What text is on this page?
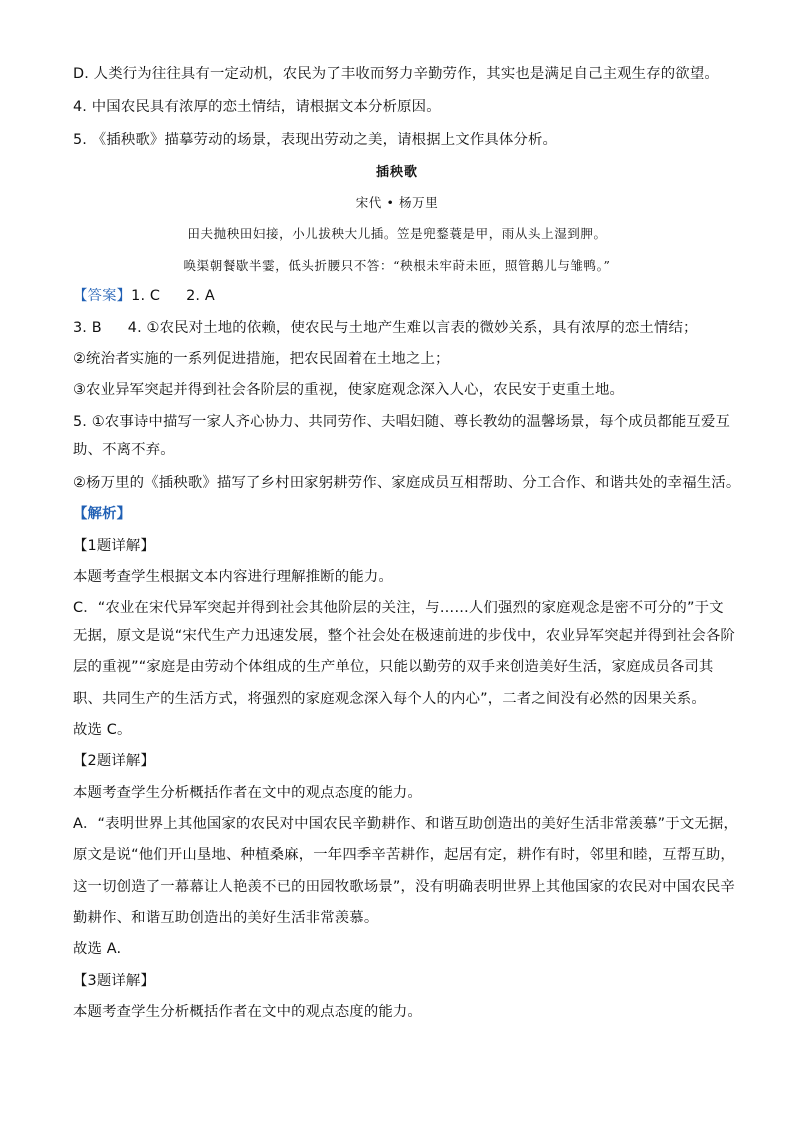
D. 人类行为往往具有一定动机，农民为了丰收而努力辛勤劳作，其实也是满足自己主观生存的欲望。
4. 中国农民具有浓厚的恋土情结，请根据文本分析原因。
5. 《插秧歌》描摹劳动的场景，表现出劳动之美，请根据上文作具体分析。
插秧歌
宋代 • 杨万里
田夫抛秧田妇接，小儿拔秧大儿插。笠是兜鍪蓑是甲，雨从头上湿到胛。
唤渠朝餐歇半霎，低头折腰只不答：“秧根未牢莳未匝，照管鹅儿与雏鸭。”
【答案】1. C 2. A
3. B 4. ①农民对土地的依赖，使农民与土地产生难以言表的微妙关系，具有浓厚的恋土情结；
②统治者实施的一系列促进措施，把农民固着在土地之上；
③农业异军突起并得到社会各阶层的重视，使家庭观念深入人心，农民安于吏重土地。
5. ①农事诗中描写一家人齐心协力、共同劳作、夫唱妇随、尊长教幼的温馨场景，每个成员都能互爱互
助、不离不弃。
②杨万里的《插秧歌》描写了乡村田家躬耕劳作、家庭成员互相帮助、分工合作、和谐共处的幸福生活。
【解析】
【1题详解】
本题考查学生根据文本内容进行理解推断的能力。
C．“农业在宋代异军突起并得到社会其他阶层的关注，与……人们强烈的家庭观念是密不可分的”于文
无据，原文是说“宋代生产力迅速发展，整个社会处在极速前进的步伐中，农业异军突起并得到社会各阶
层的重视”“家庭是由劳动个体组成的生产单位，只能以勤劳的双手来创造美好生活，家庭成员各司其
职、共同生产的生活方式，将强烈的家庭观念深入每个人的内心”，二者之间没有必然的因果关系。
故选 C。
【2题详解】
本题考查学生分析概括作者在文中的观点态度的能力。
A．“表明世界上其他国家的农民对中国农民辛勤耕作、和谐互助创造出的美好生活非常羡慕”于文无据，
原文是说“他们开山垦地、种植桑麻，一年四季辛苦耕作，起居有定，耕作有时，邻里和睦，互帮互助，
这一切创造了一幕幕让人艳羡不已的田园牧歌场景”，没有明确表明世界上其他国家的农民对中国农民辛
勤耕作、和谐互助创造出的美好生活非常羡慕。
故选 A.
【3题详解】
本题考查学生分析概括作者在文中的观点态度的能力。
